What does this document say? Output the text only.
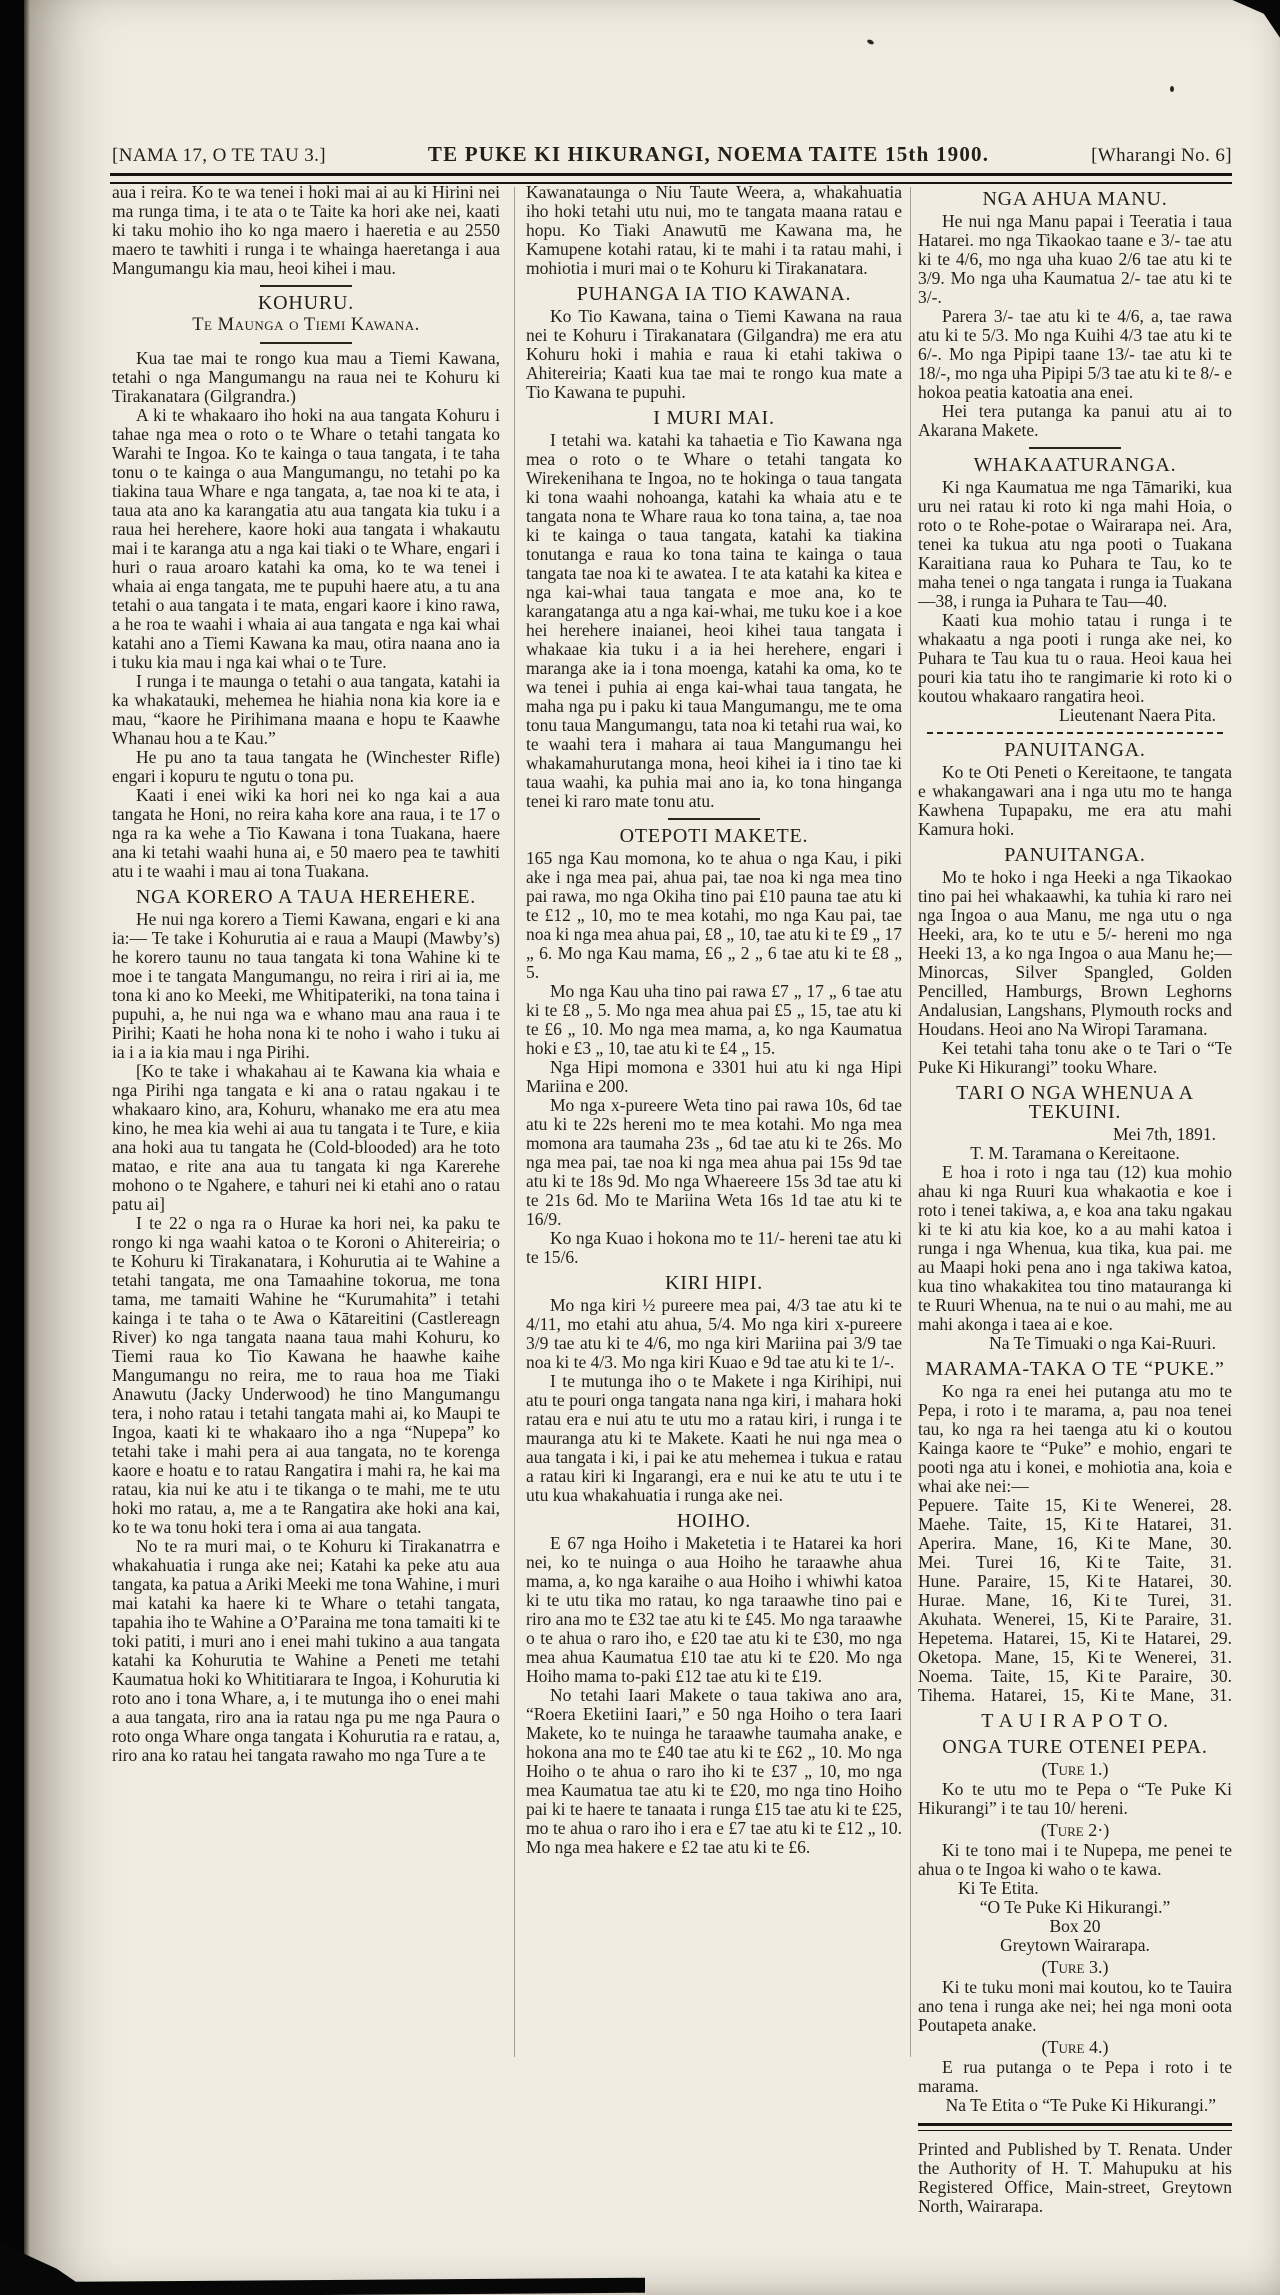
[NAMA 17, O TE TAU 3.]	TE PUKE KI HIKURANGI, NOEMA TAITE 15th 1900.	[Wharangi No. 6]
aua i reira. Ko te wa tenei i hoki mai ai au ki Hirini nei ma runga tima, i te ata o te Taite ka hori ake nei, kaati ki taku mohio iho ko nga maero i haeretia e au 2550 maero te tawhiti i runga i te whainga haeretanga i aua Mangumangu kia mau, heoi kihei i mau.
KOHURU.
Te Maunga o Tiemi Kawana.
Kua tae mai te rongo kua mau a Tiemi Kawana, tetahi o nga Mangumangu na raua nei te Kohuru ki Tirakanatara (Gilgrandra.)
A ki te whakaaro iho hoki na aua tangata Kohuru i tahae nga mea o roto o te Whare o tetahi tangata ko Warahi te Ingoa. Ko te kainga o taua tangata, i te taha tonu o te kainga o aua Mangumangu, no tetahi po ka tiakina taua Whare e nga tangata, a, tae noa ki te ata, i taua ata ano ka karangatia atu aua tangata kia tuku i a raua hei herehere, kaore hoki aua tangata i whakautu mai i te karanga atu a nga kai tiaki o te Whare, engari i huri o raua aroaro katahi ka oma, ko te wa tenei i whaia ai enga tangata, me te pupuhi haere atu, a tu ana tetahi o aua tangata i te mata, engari kaore i kino rawa, a he roa te waahi i whaia ai aua tangata e nga kai whai katahi ano a Tiemi Kawana ka mau, otira naana ano ia i tuku kia mau i nga kai whai o te Ture.
I runga i te maunga o tetahi o aua tangata, katahi ia ka whakatauki, mehemea he hiahia nona kia kore ia e mau, “kaore he Pirihimana maana e hopu te Kaawhe Whanau hou a te Kau.”
He pu ano ta taua tangata he (Winchester Rifle) engari i kopuru te ngutu o tona pu.
Kaati i enei wiki ka hori nei ko nga kai a aua tangata he Honi, no reira kaha kore ana raua, i te 17 o nga ra ka wehe a Tio Kawana i tona Tuakana, haere ana ki tetahi waahi huna ai, e 50 maero pea te tawhiti atu i te waahi i mau ai tona Tuakana.
NGA KORERO A TAUA HEREHERE.
He nui nga korero a Tiemi Kawana, engari e ki ana ia:— Te take i Kohurutia ai e raua a Maupi (Mawby’s) he korero taunu no taua tangata ki tona Wahine ki te moe i te tangata Mangumangu, no reira i riri ai ia, me tona ki ano ko Meeki, me Whitipateriki, na tona taina i pupuhi, a, he nui nga wa e whano mau ana raua i te Pirihi; Kaati he hoha nona ki te noho i waho i tuku ai ia i a ia kia mau i nga Pirihi.
[Ko te take i whakahau ai te Kawana kia whaia e nga Pirihi nga tangata e ki ana o ratau ngakau i te whakaaro kino, ara, Kohuru, whanako me era atu mea kino, he mea kia wehi ai aua tu tangata i te Ture, e kiia ana hoki aua tu tangata he (Cold-blooded) ara he toto matao, e rite ana aua tu tangata ki nga Karerehe mohono o te Ngahere, e tahuri nei ki etahi ano o ratau patu ai]
I te 22 o nga ra o Hurae ka hori nei, ka paku te rongo ki nga waahi katoa o te Koroni o Ahitereiria; o te Kohuru ki Tirakanatara, i Kohurutia ai te Wahine a tetahi tangata, me ona Tamaahine tokorua, me tona tama, me tamaiti Wahine he “Kurumahita” i tetahi kainga i te taha o te Awa o Kātareitini (Castlereagn River) ko nga tangata naana taua mahi Kohuru, ko Tiemi raua ko Tio Kawana he haawhe kaihe Mangumangu no reira, me to raua hoa me Tiaki Anawutu (Jacky Underwood) he tino Mangumangu tera, i noho ratau i tetahi tangata mahi ai, ko Maupi te Ingoa, kaati ki te whakaaro iho a nga “Nupepa” ko tetahi take i mahi pera ai aua tangata, no te korenga kaore e hoatu e to ratau Rangatira i mahi ra, he kai ma ratau, kia nui ke atu i te tikanga o te mahi, me te utu hoki mo ratau, a, me a te Rangatira ake hoki ana kai, ko te wa tonu hoki tera i oma ai aua tangata.
No te ra muri mai, o te Kohuru ki Tirakanatrra e whakahuatia i runga ake nei; Katahi ka peke atu aua tangata, ka patua a Ariki Meeki me tona Wahine, i muri mai katahi ka haere ki te Whare o tetahi tangata, tapahia iho te Wahine a O’Paraina me tona tamaiti ki te toki patiti, i muri ano i enei mahi tukino a aua tangata katahi ka Kohurutia te Wahine a Peneti me tetahi Kaumatua hoki ko Whititiarara te Ingoa, i Kohurutia ki roto ano i tona Whare, a, i te mutunga iho o enei mahi a aua tangata, riro ana ia ratau nga pu me nga Paura o roto onga Whare onga tangata i Kohurutia ra e ratau, a, riro ana ko ratau hei tangata rawaho mo nga Ture a te
Kawanataunga o Niu Taute Weera, a, whakahuatia iho hoki tetahi utu nui, mo te tangata maana ratau e hopu. Ko Tiaki Anawutū me Kawana ma, he Kamupene kotahi ratau, ki te mahi i ta ratau mahi, i mohiotia i muri mai o te Kohuru ki Tirakanatara.
PUHANGA IA TIO KAWANA.
Ko Tio Kawana, taina o Tiemi Kawana na raua nei te Kohuru i Tirakanatara (Gilgandra) me era atu Kohuru hoki i mahia e raua ki etahi takiwa o Ahitereiria; Kaati kua tae mai te rongo kua mate a Tio Kawana te pupuhi.
I MURI MAI.
I tetahi wa. katahi ka tahaetia e Tio Kawana nga mea o roto o te Whare o tetahi tangata ko Wirekenihana te Ingoa, no te hokinga o taua tangata ki tona waahi nohoanga, katahi ka whaia atu e te tangata nona te Whare raua ko tona taina, a, tae noa ki te kainga o taua tangata, katahi ka tiakina tonutanga e raua ko tona taina te kainga o taua tangata tae noa ki te awatea. I te ata katahi ka kitea e nga kai-whai taua tangata e moe ana, ko te karangatanga atu a nga kai-whai, me tuku koe i a koe hei herehere inaianei, heoi kihei taua tangata i whakaae kia tuku i a ia hei herehere, engari i maranga ake ia i tona moenga, katahi ka oma, ko te wa tenei i puhia ai enga kai-whai taua tangata, he maha nga pu i paku ki taua Mangumangu, me te oma tonu taua Mangumangu, tata noa ki tetahi rua wai, ko te waahi tera i mahara ai taua Mangumangu hei whakamahurutanga mona, heoi kihei ia i tino tae ki taua waahi, ka puhia mai ano ia, ko tona hinganga tenei ki raro mate tonu atu.
OTEPOTI MAKETE.
165 nga Kau momona, ko te ahua o nga Kau, i piki ake i nga mea pai, ahua pai, tae noa ki nga mea tino pai rawa, mo nga Okiha tino pai £10 pauna tae atu ki te £12 „ 10, mo te mea kotahi, mo nga Kau pai, tae noa ki nga mea ahua pai, £8 „ 10, tae atu ki te £9 „ 17 „ 6. Mo nga Kau mama, £6 „ 2 „ 6 tae atu ki te £8 „ 5.
Mo nga Kau uha tino pai rawa £7 „ 17 „ 6 tae atu ki te £8 „ 5. Mo nga mea ahua pai £5 „ 15, tae atu ki te £6 „ 10. Mo nga mea mama, a, ko nga Kaumatua hoki e £3 „ 10, tae atu ki te £4 „ 15.
Nga Hipi momona e 3301 hui atu ki nga Hipi Mariina e 200.
Mo nga x-pureere Weta tino pai rawa 10s, 6d tae atu ki te 22s hereni mo te mea kotahi. Mo nga mea momona ara taumaha 23s „ 6d tae atu ki te 26s. Mo nga mea pai, tae noa ki nga mea ahua pai 15s 9d tae atu ki te 18s 9d. Mo nga Whaereere 15s 3d tae atu ki te 21s 6d. Mo te Mariina Weta 16s 1d tae atu ki te 16/9.
Ko nga Kuao i hokona mo te 11/- hereni tae atu ki te 15/6.
KIRI HIPI.
Mo nga kiri ½ pureere mea pai, 4/3 tae atu ki te 4/11, mo etahi atu ahua, 5/4. Mo nga kiri x-pureere 3/9 tae atu ki te 4/6, mo nga kiri Mariina pai 3/9 tae noa ki te 4/3. Mo nga kiri Kuao e 9d tae atu ki te 1/-.
I te mutunga iho o te Makete i nga Kirihipi, nui atu te pouri onga tangata nana nga kiri, i mahara hoki ratau era e nui atu te utu mo a ratau kiri, i runga i te mauranga atu ki te Makete. Kaati he nui nga mea o aua tangata i ki, i pai ke atu mehemea i tukua e ratau a ratau kiri ki Ingarangi, era e nui ke atu te utu i te utu kua whakahuatia i runga ake nei.
HOIHO.
E 67 nga Hoiho i Maketetia i te Hatarei ka hori nei, ko te nuinga o aua Hoiho he taraawhe ahua mama, a, ko nga karaihe o aua Hoiho i whiwhi katoa ki te utu tika mo ratau, ko nga taraawhe tino pai e riro ana mo te £32 tae atu ki te £45. Mo nga taraawhe o te ahua o raro iho, e £20 tae atu ki te £30, mo nga mea ahua Kaumatua £10 tae atu ki te £20. Mo nga Hoiho mama to-paki £12 tae atu ki te £19.
No tetahi Iaari Makete o taua takiwa ano ara, “Roera Eketiini Iaari,” e 50 nga Hoiho o tera Iaari Makete, ko te nuinga he taraawhe taumaha anake, e hokona ana mo te £40 tae atu ki te £62 „ 10. Mo nga Hoiho o te ahua o raro iho ki te £37 „ 10, mo nga mea Kaumatua tae atu ki te £20, mo nga tino Hoiho pai ki te haere te tanaata i runga £15 tae atu ki te £25, mo te ahua o raro iho i era e £7 tae atu ki te £12 „ 10. Mo nga mea hakere e £2 tae atu ki te £6.
NGA AHUA MANU.
He nui nga Manu papai i Teeratia i taua Hatarei. mo nga Tikaokao taane e 3/- tae atu ki te 4/6, mo nga uha kuao 2/6 tae atu ki te 3/9. Mo nga uha Kaumatua 2/- tae atu ki te 3/-.
Parera 3/- tae atu ki te 4/6, a, tae rawa atu ki te 5/3. Mo nga Kuihi 4/3 tae atu ki te 6/-. Mo nga Pipipi taane 13/- tae atu ki te 18/-, mo nga uha Pipipi 5/3 tae atu ki te 8/- e hokoa peatia katoatia ana enei.
Hei tera putanga ka panui atu ai to Akarana Makete.
WHAKAATURANGA.
Ki nga Kaumatua me nga Tāmariki, kua uru nei ratau ki roto ki nga mahi Hoia, o roto o te Rohe-potae o Wairarapa nei. Ara, tenei ka tukua atu nga pooti o Tuakana Karaitiana raua ko Puhara te Tau, ko te maha tenei o nga tangata i runga ia Tuakana—38, i runga ia Puhara te Tau—40.
Kaati kua mohio tatau i runga i te whakaatu a nga pooti i runga ake nei, ko Puhara te Tau kua tu o raua. Heoi kaua hei pouri kia tatu iho te rangimarie ki roto ki o koutou whakaaro rangatira heoi.
Lieutenant Naera Pita.
PANUITANGA.
Ko te Oti Peneti o Kereitaone, te tangata e whakangawari ana i nga utu mo te hanga Kawhena Tupapaku, me era atu mahi Kamura hoki.
PANUITANGA.
Mo te hoko i nga Heeki a nga Tikaokao tino pai hei whakaawhi, ka tuhia ki raro nei nga Ingoa o aua Manu, me nga utu o nga Heeki, ara, ko te utu e 5/- hereni mo nga Heeki 13, a ko nga Ingoa o aua Manu he;— Minorcas, Silver Spangled, Golden Pencilled, Hamburgs, Brown Leghorns Andalusian, Langshans, Plymouth rocks and Houdans. Heoi ano Na Wiropi Taramana.
Kei tetahi taha tonu ake o te Tari o “Te Puke Ki Hikurangi” tooku Whare.
TARI O NGA WHENUA A TEKUINI.
Mei 7th, 1891.
T. M. Taramana o Kereitaone.
E hoa i roto i nga tau (12) kua mohio ahau ki nga Ruuri kua whakaotia e koe i roto i tenei takiwa, a, e koa ana taku ngakau ki te ki atu kia koe, ko a au mahi katoa i runga i nga Whenua, kua tika, kua pai. me au Maapi hoki pena ano i nga takiwa katoa, kua tino whakakitea tou tino matauranga ki te Ruuri Whenua, na te nui o au mahi, me au mahi akonga i taea ai e koe.
Na Te Timuaki o nga Kai-Ruuri.
MARAMA-TAKA O TE “PUKE.”
Ko nga ra enei hei putanga atu mo te Pepa, i roto i te marama, a, pau noa tenei tau, ko nga ra hei taenga atu ki o koutou Kainga kaore te “Puke” e mohio, engari te pooti nga atu i konei, e mohiotia ana, koia e whai ake nei:—
Pepuere. Taite 15, Ki te Wenerei, 28.
Maehe. Taite, 15, Ki te Hatarei, 31.
Aperira. Mane, 16, Ki te Mane, 30.
Mei. Turei 16, Ki te Taite, 31.
Hune. Paraire, 15, Ki te Hatarei, 30.
Hurae. Mane, 16, Ki te Turei, 31.
Akuhata. Wenerei, 15, Ki te Paraire, 31.
Hepetema. Hatarei, 15, Ki te Hatarei, 29.
Oketopa. Mane, 15, Ki te Wenerei, 31.
Noema. Taite, 15, Ki te Paraire, 30.
Tihema. Hatarei, 15, Ki te Mane, 31.
T A U I R A P O T O.
ONGA TURE OTENEI PEPA.
(Ture 1.)
Ko te utu mo te Pepa o “Te Puke Ki Hikurangi” i te tau 10/ hereni.
(Ture 2·)
Ki te tono mai i te Nupepa, me penei te ahua o te Ingoa ki waho o te kawa.
Ki Te Etita.
“O Te Puke Ki Hikurangi.”
Box 20
Greytown Wairarapa.
(Ture 3.)
Ki te tuku moni mai koutou, ko te Tauira ano tena i runga ake nei; hei nga moni oota Poutapeta anake.
(Ture 4.)
E rua putanga o te Pepa i roto i te marama.
Na Te Etita o “Te Puke Ki Hikurangi.”
Printed and Published by T. Renata. Under the Authority of H. T. Mahupuku at his Registered Office, Main-street, Greytown North, Wairarapa.
